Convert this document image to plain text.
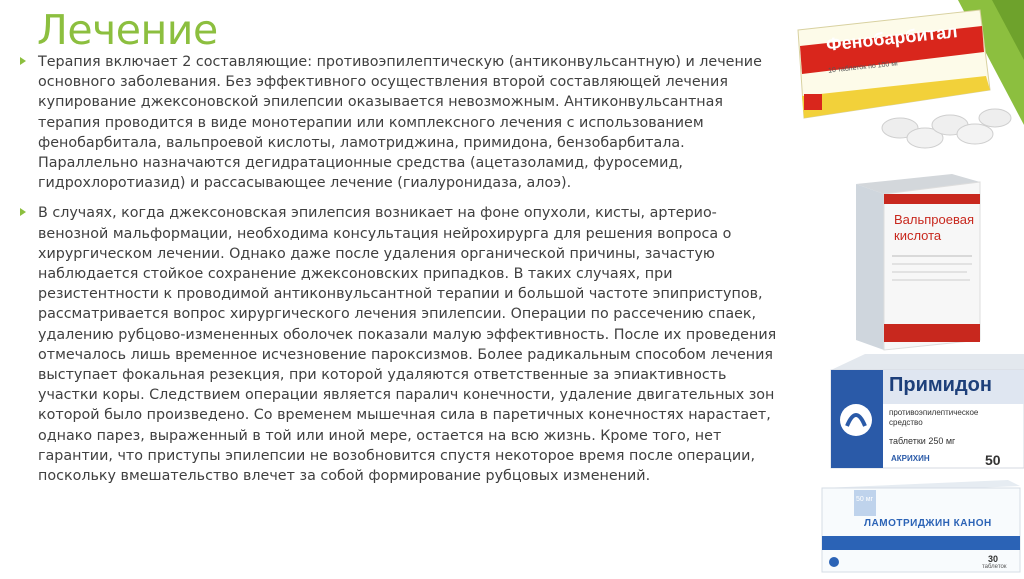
Лечение

Терапия включает 2 составляющие: противоэпилептическую (антиконвульсантную) и лечение основного заболевания. Без эффективного осуществления второй составляющей лечения купирование джексоновской эпилепсии оказывается невозможным. Антиконвульсантная терапия проводится в виде монотерапии или комплексного лечения с использованием фенобарбитала, вальпроевой кислоты, ламотриджина, примидона, бензобарбитала. Параллельно назначаются дегидратационные средства (ацетазоламид, фуросемид, гидрохлоротиазид) и рассасывающее лечение (гиалуронидаза, алоэ).

В случаях, когда джексоновская эпилепсия возникает на фоне опухоли, кисты, артерио-венозной мальформации, необходима консультация нейрохирурга для решения вопроса о хирургическом лечении. Однако даже после удаления органической причины, зачастую наблюдается стойкое сохранение джексоновских припадков. В таких случаях, при резистентности к проводимой антиконвульсантной терапии и большой частоте эпиприступов, рассматривается вопрос хирургического лечения эпилепсии. Операции по рассечению спаек, удалению рубцово-измененных оболочек показали малую эффективность. После их проведения отмечалось лишь временное исчезновение пароксизмов. Более радикальным способом лечения выступает фокальная резекция, при которой удаляются ответственные за эпиактивность участки коры. Следствием операции является паралич конечности, удаление двигательных зон которой было произведено. Со временем мышечная сила в паретичных конечностях нарастает, однако парез, выраженный в той или иной мере, остается на всю жизнь. Кроме того, нет гарантии, что приступы эпилепсии не возобновится спустя некоторое время после операции, поскольку вмешательство влечет за собой формирование рубцовых изменений.

Фенобарбитал
10 таблеток по 100 мг
Вальпроевая
кислота
Примидон
противоэпилептическое
средство
таблетки 250 мг
АКРИХИН	50
50 мг
ЛАМОТРИДЖИН КАНОН
30
таблеток
